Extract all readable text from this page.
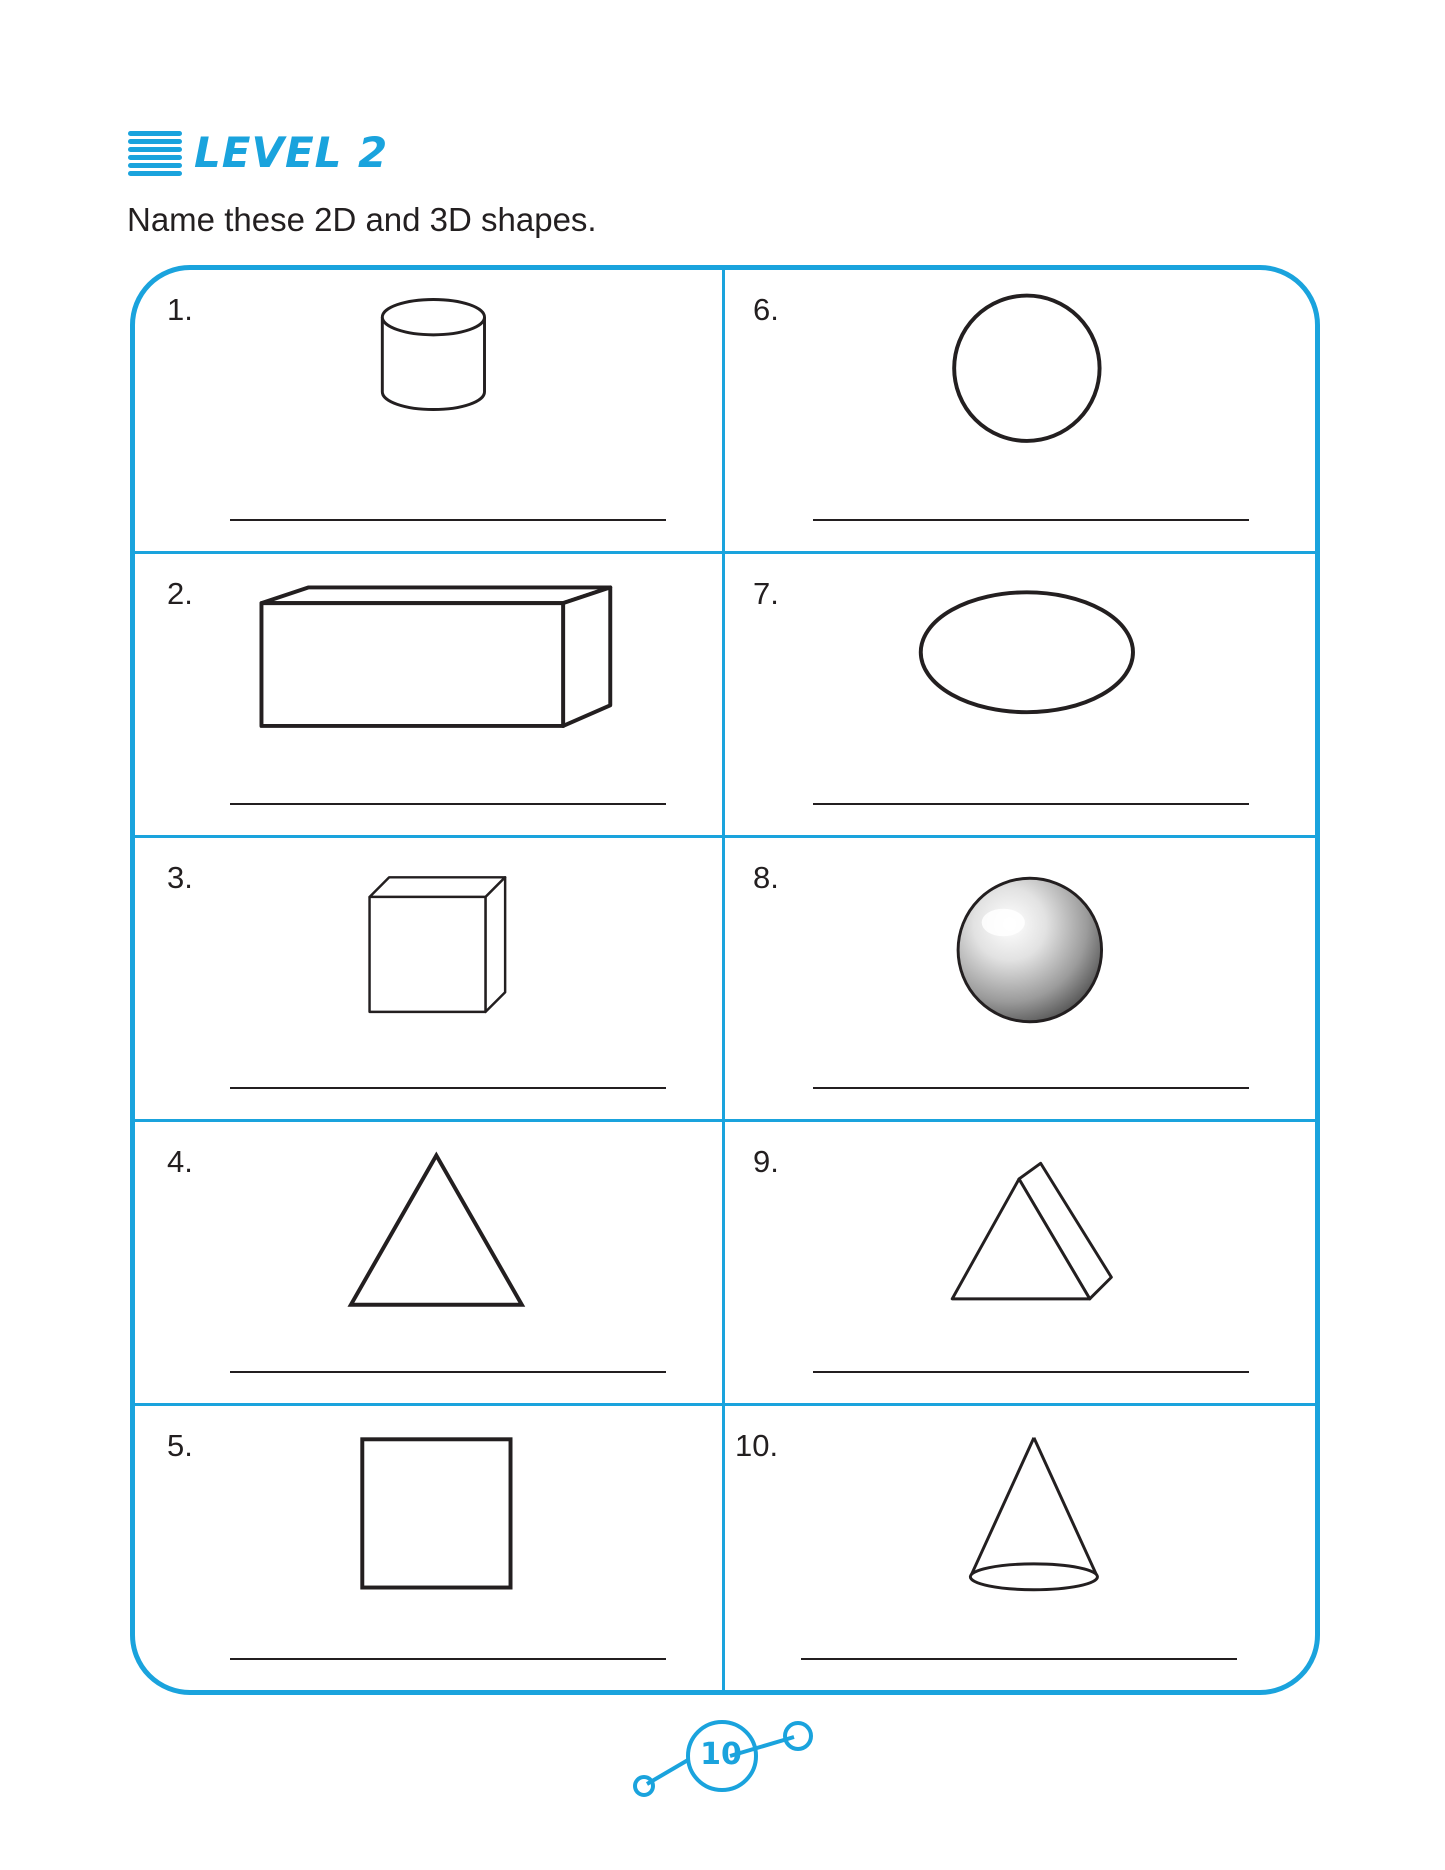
LEVEL 2
Name these 2D and 3D shapes.
1.	6.
2.	7.
3.	8.
4.	9.
5.	10.
10
